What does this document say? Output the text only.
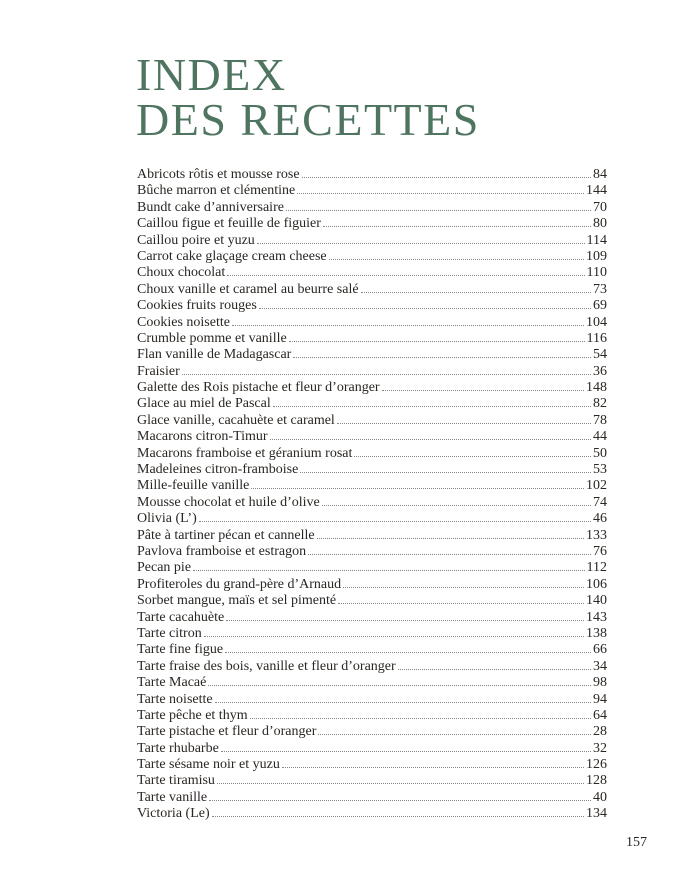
INDEX
DES RECETTES
Abricots rôtis et mousse rose	84
Bûche marron et clémentine	144
Bundt cake d’anniversaire	70
Caillou figue et feuille de figuier	80
Caillou poire et yuzu	114
Carrot cake glaçage cream cheese	109
Choux chocolat	110
Choux vanille et caramel au beurre salé	73
Cookies fruits rouges	69
Cookies noisette	104
Crumble pomme et vanille	116
Flan vanille de Madagascar	54
Fraisier	36
Galette des Rois pistache et fleur d’oranger	148
Glace au miel de Pascal	82
Glace vanille, cacahuète et caramel	78
Macarons citron-Timur	44
Macarons framboise et géranium rosat	50
Madeleines citron-framboise	53
Mille-feuille vanille	102
Mousse chocolat et huile d’olive	74
Olivia (L’)	46
Pâte à tartiner pécan et cannelle	133
Pavlova framboise et estragon	76
Pecan pie	112
Profiteroles du grand-père d’Arnaud	106
Sorbet mangue, maïs et sel pimenté	140
Tarte cacahuète	143
Tarte citron	138
Tarte fine figue	66
Tarte fraise des bois, vanille et fleur d’oranger	34
Tarte Macaé	98
Tarte noisette	94
Tarte pêche et thym	64
Tarte pistache et fleur d’oranger	28
Tarte rhubarbe	32
Tarte sésame noir et yuzu	126
Tarte tiramisu	128
Tarte vanille	40
Victoria (Le)	134
157
